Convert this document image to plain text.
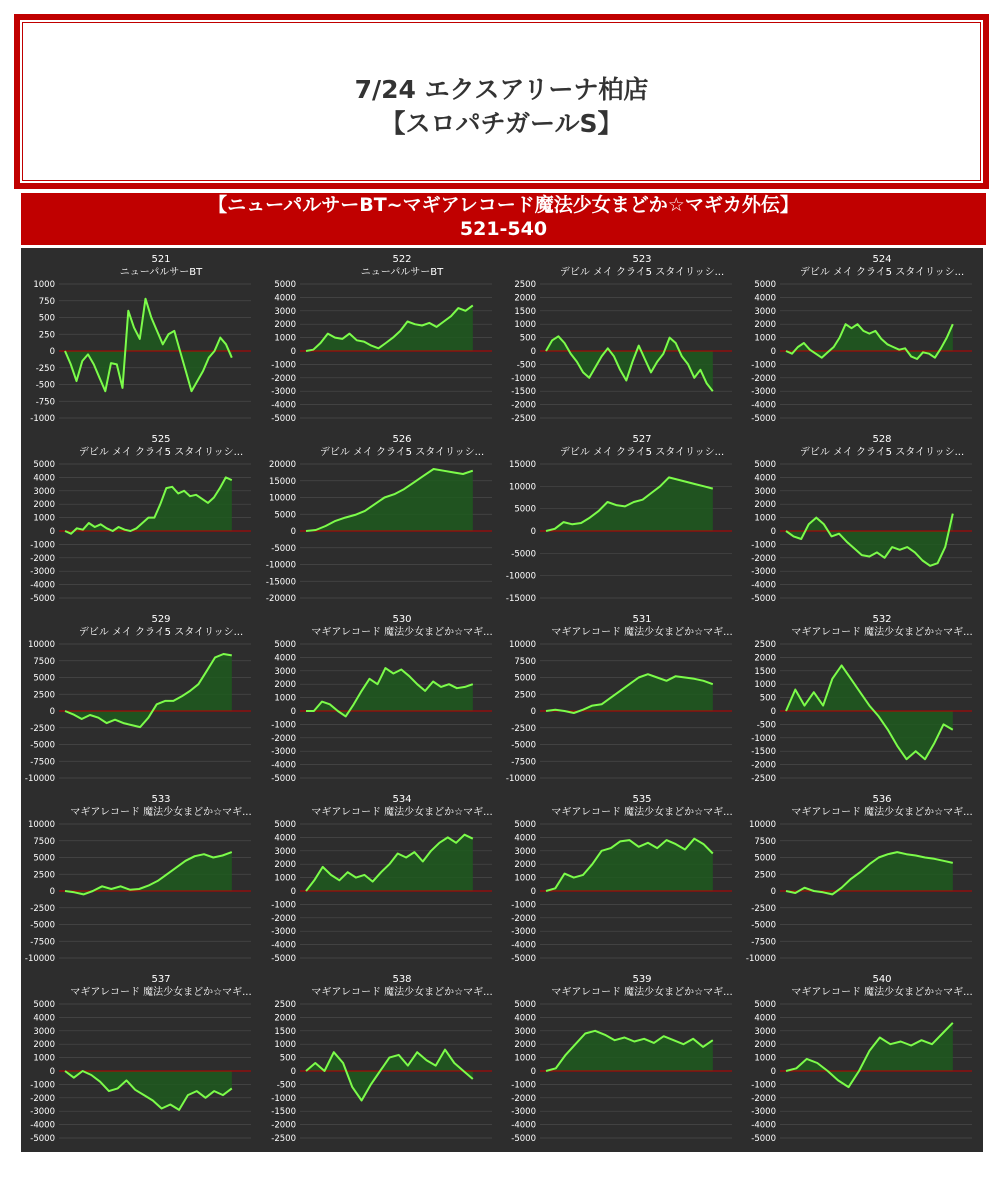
7/24 エクスアリーナ柏店
【スロパチガールS】
【ニューパルサーBT~マギアレコード魔法少女まどか☆マギカ外伝】
521-540
521
ニューパルサーBT
1000
750
500
250
0
-250
-500
-750
-1000
522
ニューパルサーBT
5000
4000
3000
2000
1000
0
-1000
-2000
-3000
-4000
-5000
523
デビル メイ クライ5 スタイリッシ...
2500
2000
1500
1000
500
0
-500
-1000
-1500
-2000
-2500
524
デビル メイ クライ5 スタイリッシ...
5000
4000
3000
2000
1000
0
-1000
-2000
-3000
-4000
-5000
525
デビル メイ クライ5 スタイリッシ...
5000
4000
3000
2000
1000
0
-1000
-2000
-3000
-4000
-5000
526
デビル メイ クライ5 スタイリッシ...
20000
15000
10000
5000
0
-5000
-10000
-15000
-20000
527
デビル メイ クライ5 スタイリッシ...
15000
10000
5000
0
-5000
-10000
-15000
528
デビル メイ クライ5 スタイリッシ...
5000
4000
3000
2000
1000
0
-1000
-2000
-3000
-4000
-5000
529
デビル メイ クライ5 スタイリッシ...
10000
7500
5000
2500
0
-2500
-5000
-7500
-10000
530
マギアレコード 魔法少女まどか☆マギ...
5000
4000
3000
2000
1000
0
-1000
-2000
-3000
-4000
-5000
531
マギアレコード 魔法少女まどか☆マギ...
10000
7500
5000
2500
0
-2500
-5000
-7500
-10000
532
マギアレコード 魔法少女まどか☆マギ...
2500
2000
1500
1000
500
0
-500
-1000
-1500
-2000
-2500
533
マギアレコード 魔法少女まどか☆マギ...
10000
7500
5000
2500
0
-2500
-5000
-7500
-10000
534
マギアレコード 魔法少女まどか☆マギ...
5000
4000
3000
2000
1000
0
-1000
-2000
-3000
-4000
-5000
535
マギアレコード 魔法少女まどか☆マギ...
5000
4000
3000
2000
1000
0
-1000
-2000
-3000
-4000
-5000
536
マギアレコード 魔法少女まどか☆マギ...
10000
7500
5000
2500
0
-2500
-5000
-7500
-10000
537
マギアレコード 魔法少女まどか☆マギ...
5000
4000
3000
2000
1000
0
-1000
-2000
-3000
-4000
-5000
538
マギアレコード 魔法少女まどか☆マギ...
2500
2000
1500
1000
500
0
-500
-1000
-1500
-2000
-2500
539
マギアレコード 魔法少女まどか☆マギ...
5000
4000
3000
2000
1000
0
-1000
-2000
-3000
-4000
-5000
540
マギアレコード 魔法少女まどか☆マギ...
5000
4000
3000
2000
1000
0
-1000
-2000
-3000
-4000
-5000
